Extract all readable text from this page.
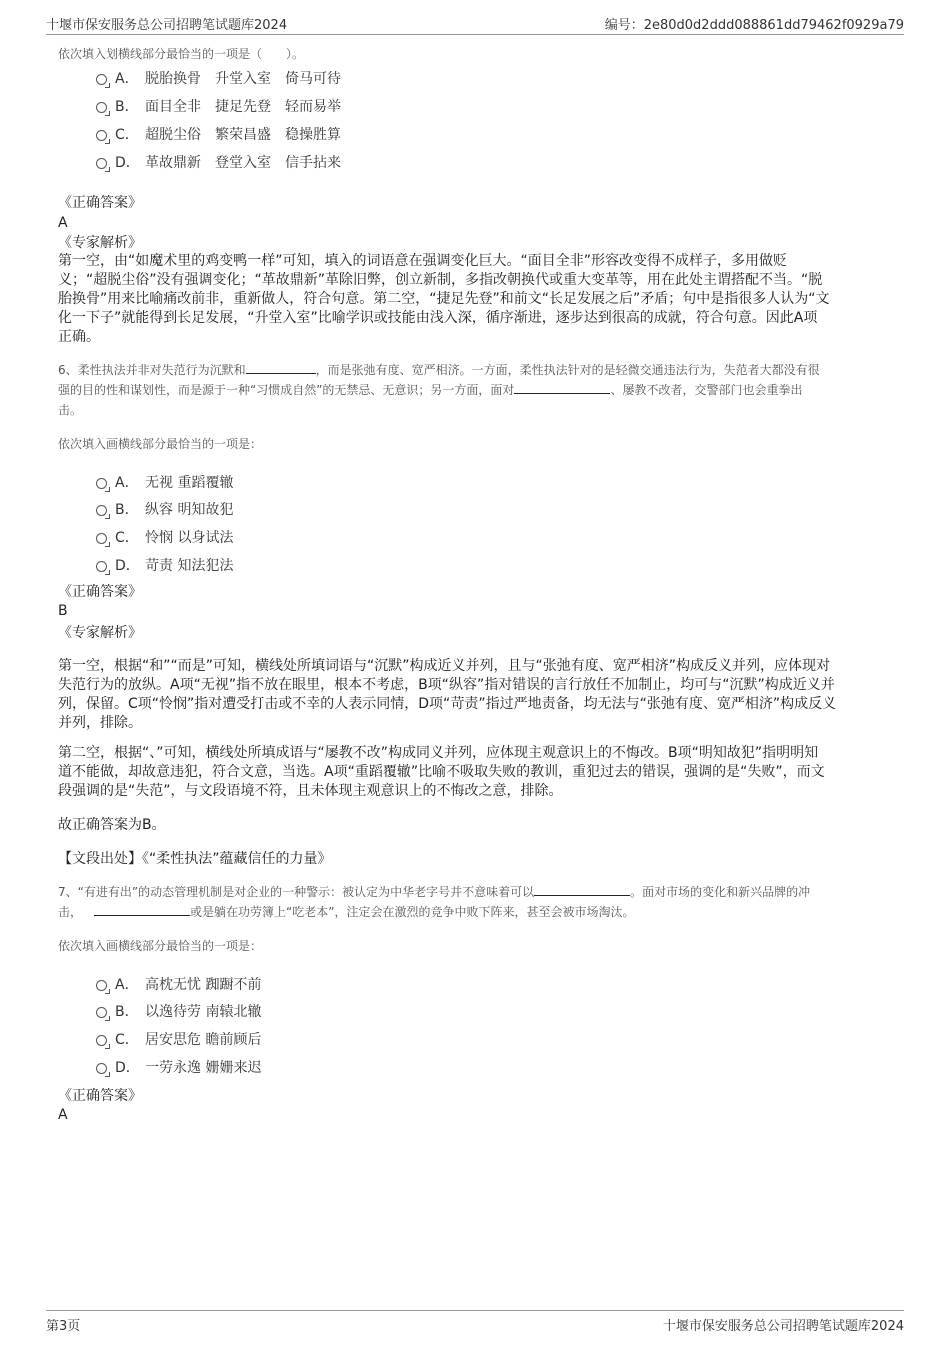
十堰市保安服务总公司招聘笔试题库2024	编号：2e80d0d2ddd088861dd79462f0929a79
依次填入划横线部分最恰当的一项是（　　）。
A． 脱胎换骨　升堂入室　倚马可待
B． 面目全非　捷足先登　轻而易举
C． 超脱尘俗　繁荣昌盛　稳操胜算
D． 革故鼎新　登堂入室　信手拈来
《正确答案》
A
《专家解析》
第一空，由“如魔术里的鸡变鸭一样”可知，填入的词语意在强调变化巨大。“面目全非”形容改变得不成样子，多用做贬
义；“超脱尘俗”没有强调变化；“革故鼎新”革除旧弊，创立新制，多指改朝换代或重大变革等，用在此处主谓搭配不当。“脱
胎换骨”用来比喻痛改前非，重新做人，符合句意。第二空，“捷足先登”和前文“长足发展之后”矛盾；句中是指很多人认为“文
化一下子”就能得到长足发展，“升堂入室”比喻学识或技能由浅入深，循序渐进，逐步达到很高的成就，符合句意。因此A项
正确。
6、柔性执法并非对失范行为沉默和	，而是张弛有度、宽严相济。一方面，柔性执法针对的是轻微交通违法行为，失范者大都没有很
强的目的性和谋划性，而是源于一种“习惯成自然”的无禁忌、无意识；另一方面，面对	、屡教不改者，交警部门也会重拳出
击。
依次填入画横线部分最恰当的一项是：
A． 无视 重蹈覆辙
B． 纵容 明知故犯
C． 怜悯 以身试法
D． 苛责 知法犯法
《正确答案》
B
《专家解析》
第一空，根据“和”“而是”可知，横线处所填词语与“沉默”构成近义并列，且与“张弛有度、宽严相济”构成反义并列，应体现对
失范行为的放纵。A项“无视”指不放在眼里，根本不考虑，B项“纵容”指对错误的言行放任不加制止，均可与“沉默”构成近义并
列，保留。C项“怜悯”指对遭受打击或不幸的人表示同情，D项“苛责”指过严地责备，均无法与“张弛有度、宽严相济”构成反义
并列，排除。
第二空，根据“、”可知，横线处所填成语与“屡教不改”构成同义并列，应体现主观意识上的不悔改。B项“明知故犯”指明明知
道不能做，却故意违犯，符合文意，当选。A项“重蹈覆辙”比喻不吸取失败的教训，重犯过去的错误，强调的是“失败”，而文
段强调的是“失范”，与文段语境不符，且未体现主观意识上的不悔改之意，排除。
故正确答案为B。
【文段出处】《“柔性执法”蕴藏信任的力量》
7、“有进有出”的动态管理机制是对企业的一种警示：被认定为中华老字号并不意味着可以	。面对市场的变化和新兴品牌的冲
击，	或是躺在功劳簿上“吃老本”，注定会在激烈的竞争中败下阵来，甚至会被市场淘汰。
依次填入画横线部分最恰当的一项是：
A． 高枕无忧 踟蹰不前
B． 以逸待劳 南辕北辙
C． 居安思危 瞻前顾后
D． 一劳永逸 姗姗来迟
《正确答案》
A
第3页	十堰市保安服务总公司招聘笔试题库2024
